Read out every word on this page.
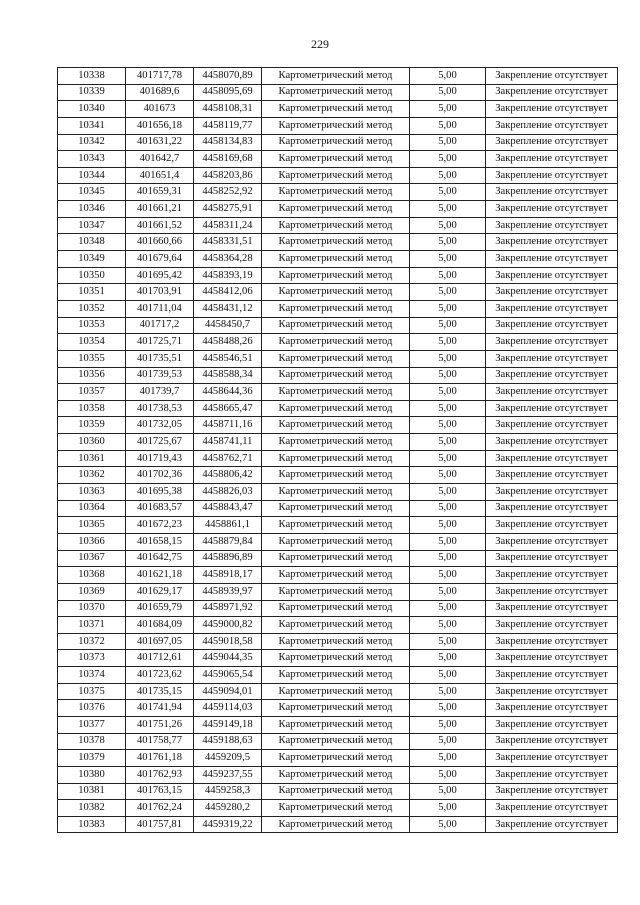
229
10338	401717,78	4458070,89	Картометрический метод	5,00	Закрепление отсутствует
10339	401689,6	4458095,69	Картометрический метод	5,00	Закрепление отсутствует
10340	401673	4458108,31	Картометрический метод	5,00	Закрепление отсутствует
10341	401656,18	4458119,77	Картометрический метод	5,00	Закрепление отсутствует
10342	401631,22	4458134,83	Картометрический метод	5,00	Закрепление отсутствует
10343	401642,7	4458169,68	Картометрический метод	5,00	Закрепление отсутствует
10344	401651,4	4458203,86	Картометрический метод	5,00	Закрепление отсутствует
10345	401659,31	4458252,92	Картометрический метод	5,00	Закрепление отсутствует
10346	401661,21	4458275,91	Картометрический метод	5,00	Закрепление отсутствует
10347	401661,52	4458311,24	Картометрический метод	5,00	Закрепление отсутствует
10348	401660,66	4458331,51	Картометрический метод	5,00	Закрепление отсутствует
10349	401679,64	4458364,28	Картометрический метод	5,00	Закрепление отсутствует
10350	401695,42	4458393,19	Картометрический метод	5,00	Закрепление отсутствует
10351	401703,91	4458412,06	Картометрический метод	5,00	Закрепление отсутствует
10352	401711,04	4458431,12	Картометрический метод	5,00	Закрепление отсутствует
10353	401717,2	4458450,7	Картометрический метод	5,00	Закрепление отсутствует
10354	401725,71	4458488,26	Картометрический метод	5,00	Закрепление отсутствует
10355	401735,51	4458546,51	Картометрический метод	5,00	Закрепление отсутствует
10356	401739,53	4458588,34	Картометрический метод	5,00	Закрепление отсутствует
10357	401739,7	4458644,36	Картометрический метод	5,00	Закрепление отсутствует
10358	401738,53	4458665,47	Картометрический метод	5,00	Закрепление отсутствует
10359	401732,05	4458711,16	Картометрический метод	5,00	Закрепление отсутствует
10360	401725,67	4458741,11	Картометрический метод	5,00	Закрепление отсутствует
10361	401719,43	4458762,71	Картометрический метод	5,00	Закрепление отсутствует
10362	401702,36	4458806,42	Картометрический метод	5,00	Закрепление отсутствует
10363	401695,38	4458826,03	Картометрический метод	5,00	Закрепление отсутствует
10364	401683,57	4458843,47	Картометрический метод	5,00	Закрепление отсутствует
10365	401672,23	4458861,1	Картометрический метод	5,00	Закрепление отсутствует
10366	401658,15	4458879,84	Картометрический метод	5,00	Закрепление отсутствует
10367	401642,75	4458896,89	Картометрический метод	5,00	Закрепление отсутствует
10368	401621,18	4458918,17	Картометрический метод	5,00	Закрепление отсутствует
10369	401629,17	4458939,97	Картометрический метод	5,00	Закрепление отсутствует
10370	401659,79	4458971,92	Картометрический метод	5,00	Закрепление отсутствует
10371	401684,09	4459000,82	Картометрический метод	5,00	Закрепление отсутствует
10372	401697,05	4459018,58	Картометрический метод	5,00	Закрепление отсутствует
10373	401712,61	4459044,35	Картометрический метод	5,00	Закрепление отсутствует
10374	401723,62	4459065,54	Картометрический метод	5,00	Закрепление отсутствует
10375	401735,15	4459094,01	Картометрический метод	5,00	Закрепление отсутствует
10376	401741,94	4459114,03	Картометрический метод	5,00	Закрепление отсутствует
10377	401751,26	4459149,18	Картометрический метод	5,00	Закрепление отсутствует
10378	401758,77	4459188,63	Картометрический метод	5,00	Закрепление отсутствует
10379	401761,18	4459209,5	Картометрический метод	5,00	Закрепление отсутствует
10380	401762,93	4459237,55	Картометрический метод	5,00	Закрепление отсутствует
10381	401763,15	4459258,3	Картометрический метод	5,00	Закрепление отсутствует
10382	401762,24	4459280,2	Картометрический метод	5,00	Закрепление отсутствует
10383	401757,81	4459319,22	Картометрический метод	5,00	Закрепление отсутствует
